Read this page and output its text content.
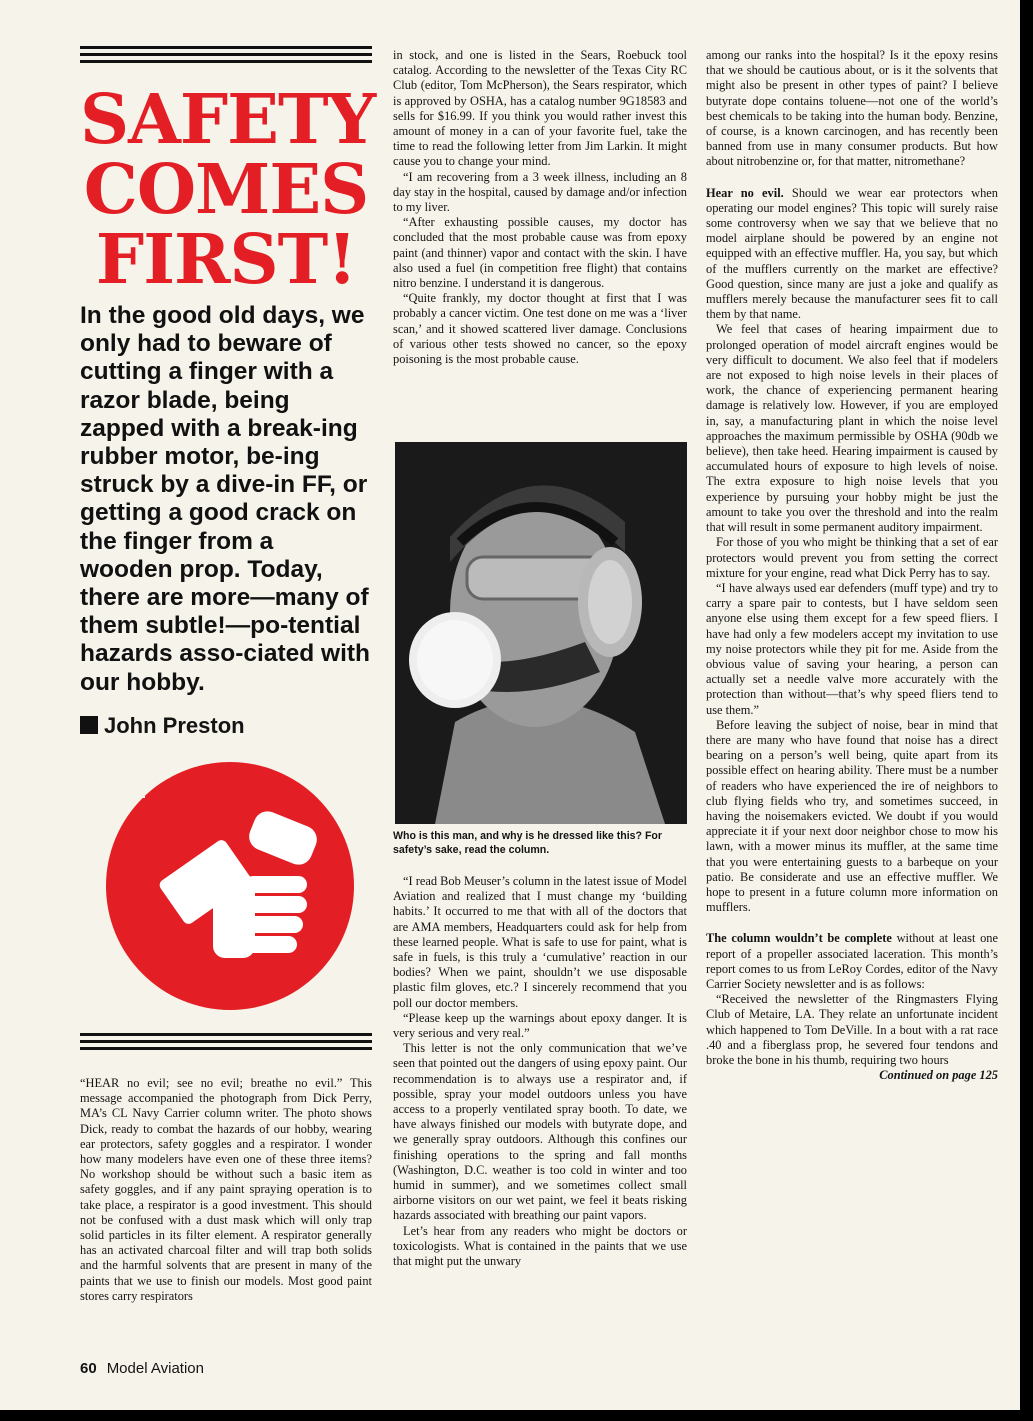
SAFETY
COMES
FIRST!
In the good old days, we only had to beware of cutting a finger with a razor blade, being zapped with a break-ing rubber motor, be-ing struck by a dive-in FF, or getting a good crack on the finger from a wooden prop. Today, there are more—many of them subtle!—po-tential hazards asso-ciated with our hobby.
John Preston

“HEAR no evil; see no evil; breathe no evil.” This message accompanied the photograph from Dick Perry, MA’s CL Navy Carrier column writer. The photo shows Dick, ready to combat the hazards of our hobby, wearing ear protectors, safety goggles and a respirator. I wonder how many modelers have even one of these three items? No workshop should be without such a basic item as safety goggles, and if any paint spraying operation is to take place, a respirator is a good investment. This should not be confused with a dust mask which will only trap solid particles in its filter element. A respirator generally has an activated charcoal filter and will trap both solids and the harmful solvents that are present in many of the paints that we use to finish our models. Most good paint stores carry respirators

in stock, and one is listed in the Sears, Roebuck tool catalog. According to the newsletter of the Texas City RC Club (editor, Tom McPherson), the Sears respirator, which is approved by OSHA, has a catalog number 9G18583 and sells for $16.99. If you think you would rather invest this amount of money in a can of your favorite fuel, take the time to read the following letter from Jim Larkin. It might cause you to change your mind.

“I am recovering from a 3 week illness, including an 8 day stay in the hospital, caused by damage and/or infection to my liver.

“After exhausting possible causes, my doctor has concluded that the most probable cause was from epoxy paint (and thinner) vapor and contact with the skin. I have also used a fuel (in competition free flight) that contains nitro benzine. I understand it is dangerous.

“Quite frankly, my doctor thought at first that I was probably a cancer victim. One test done on me was a ‘liver scan,’ and it showed scattered liver damage. Conclusions of various other tests showed no cancer, so the epoxy poisoning is the most probable cause.

Who is this man, and why is he dressed like this? For safety’s sake, read the column.

“I read Bob Meuser’s column in the latest issue of Model Aviation and realized that I must change my ‘building habits.’ It occurred to me that with all of the doctors that are AMA members, Headquarters could ask for help from these learned people. What is safe to use for paint, what is safe in fuels, is this truly a ‘cumulative’ reaction in our bodies? When we paint, shouldn’t we use disposable plastic film gloves, etc.? I sincerely recommend that you poll our doctor members.

“Please keep up the warnings about epoxy danger. It is very serious and very real.”

This letter is not the only communication that we’ve seen that pointed out the dangers of using epoxy paint. Our recommendation is to always use a respirator and, if possible, spray your model outdoors unless you have access to a properly ventilated spray booth. To date, we have always finished our models with butyrate dope, and we generally spray outdoors. Although this confines our finishing operations to the spring and fall months (Washington, D.C. weather is too cold in winter and too humid in summer), and we sometimes collect small airborne visitors on our wet paint, we feel it beats risking hazards associated with breathing our paint vapors.

Let’s hear from any readers who might be doctors or toxicologists. What is contained in the paints that we use that might put the unwary

among our ranks into the hospital? Is it the epoxy resins that we should be cautious about, or is it the solvents that might also be present in other types of paint? I believe butyrate dope contains toluene—not one of the world’s best chemicals to be taking into the human body. Benzine, of course, is a known carcinogen, and has recently been banned from use in many consumer products. But how about nitrobenzine or, for that matter, nitromethane?

Hear no evil. Should we wear ear protectors when operating our model engines? This topic will surely raise some controversy when we say that we believe that no model airplane should be powered by an engine not equipped with an effective muffler. Ha, you say, but which of the mufflers currently on the market are effective? Good question, since many are just a joke and qualify as mufflers merely because the manufacturer sees fit to call them by that name.

We feel that cases of hearing impairment due to prolonged operation of model aircraft engines would be very difficult to document. We also feel that if modelers are not exposed to high noise levels in their places of work, the chance of experiencing permanent hearing damage is relatively low. However, if you are employed in, say, a manufacturing plant in which the noise level approaches the maximum permissible by OSHA (90db we believe), then take heed. Hearing impairment is caused by accumulated hours of exposure to high levels of noise. The extra exposure to high noise levels that you experience by pursuing your hobby might be just the amount to take you over the threshold and into the realm that will result in some permanent auditory impairment.

For those of you who might be thinking that a set of ear protectors would prevent you from setting the correct mixture for your engine, read what Dick Perry has to say.

“I have always used ear defenders (muff type) and try to carry a spare pair to contests, but I have seldom seen anyone else using them except for a few speed fliers. I have had only a few modelers accept my invitation to use my noise protectors while they pit for me. Aside from the obvious value of saving your hearing, a person can actually set a needle valve more accurately with the protection than without—that’s why speed fliers tend to use them.”

Before leaving the subject of noise, bear in mind that there are many who have found that noise has a direct bearing on a person’s well being, quite apart from its possible effect on hearing ability. There must be a number of readers who have experienced the ire of neighbors to club flying fields who try, and sometimes succeed, in having the noisemakers evicted. We doubt if you would appreciate it if your next door neighbor chose to mow his lawn, with a mower minus its muffler, at the same time that you were entertaining guests to a barbeque on your patio. Be considerate and use an effective muffler. We hope to present in a future column more information on mufflers.

The column wouldn’t be complete without at least one report of a propeller associated laceration. This month’s report comes to us from LeRoy Cordes, editor of the Navy Carrier Society newsletter and is as follows:

“Received the newsletter of the Ringmasters Flying Club of Metaire, LA. They relate an unfortunate incident which happened to Tom DeVille. In a bout with a rat race .40 and a fiberglass prop, he severed four tendons and broke the bone in his thumb, requiring two hours

Continued on page 125

60 Model Aviation
